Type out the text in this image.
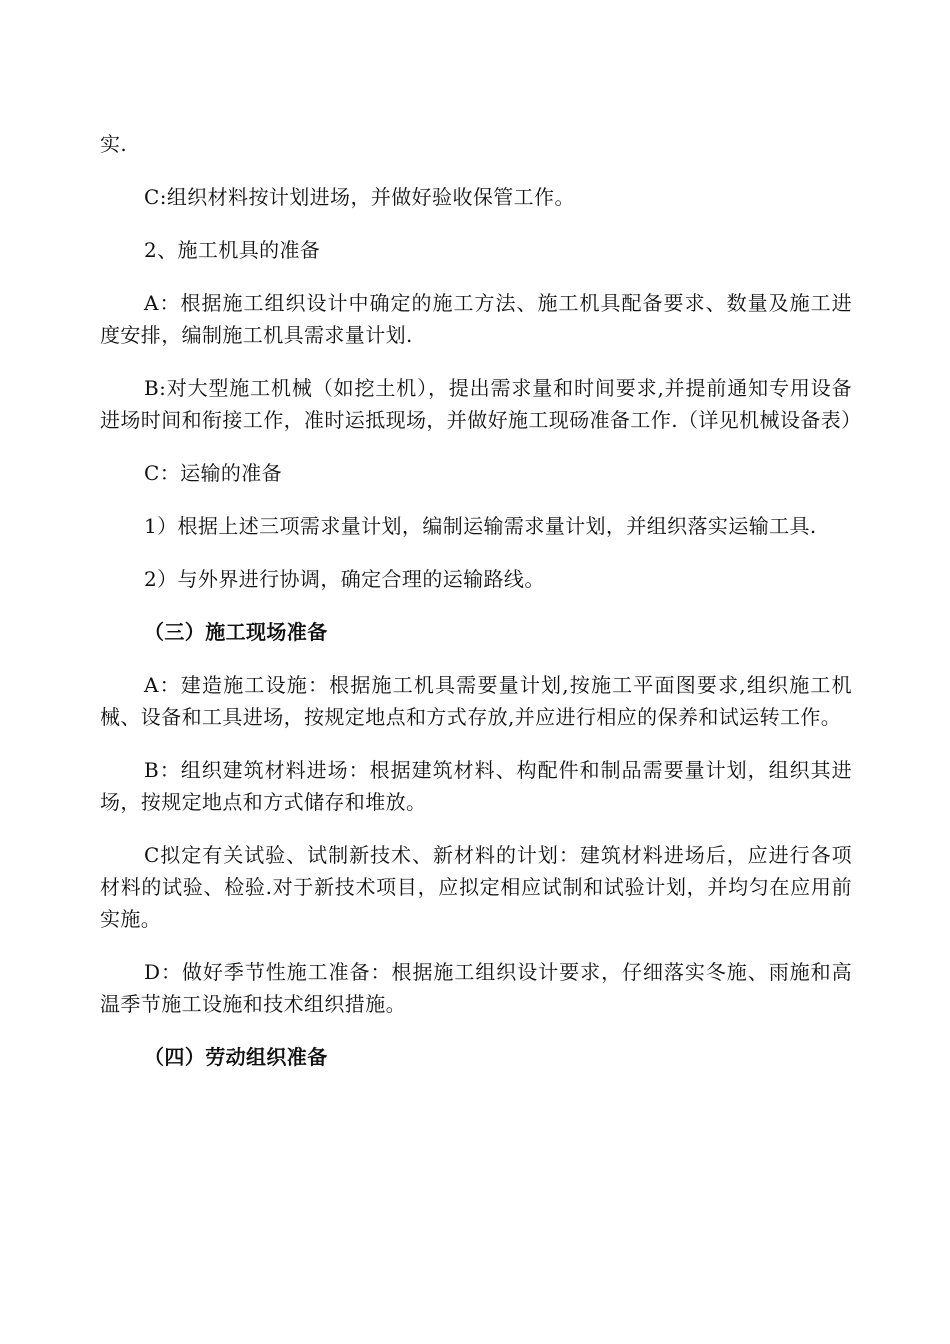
实.

C:组织材料按计划进场，并做好验收保管工作。

2、施工机具的准备

A：根据施工组织设计中确定的施工方法、施工机具配备要求、数量及施工进度安排，编制施工机具需求量计划.

B:对大型施工机械（如挖土机），提出需求量和时间要求,并提前通知专用设备进场时间和衔接工作，准时运抵现场，并做好施工现砀准备工作.（详见机械设备表）

C：运输的准备

1）根据上述三项需求量计划，编制运输需求量计划，并组织落实运输工具.

2）与外界进行协调，确定合理的运输路线。

（三）施工现场准备

A：建造施工设施：根据施工机具需要量计划,按施工平面图要求,组织施工机械、设备和工具进场，按规定地点和方式存放,并应进行相应的保养和试运转工作。

B：组织建筑材料进场：根据建筑材料、构配件和制品需要量计划，组织其进场，按规定地点和方式储存和堆放。

C拟定有关试验、试制新技术、新材料的计划：建筑材料进场后，应进行各项材料的试验、检验.对于新技术项目，应拟定相应试制和试验计划，并均匀在应用前实施。

D：做好季节性施工准备：根据施工组织设计要求，仔细落实冬施、雨施和高温季节施工设施和技术组织措施。

（四）劳动组织准备
